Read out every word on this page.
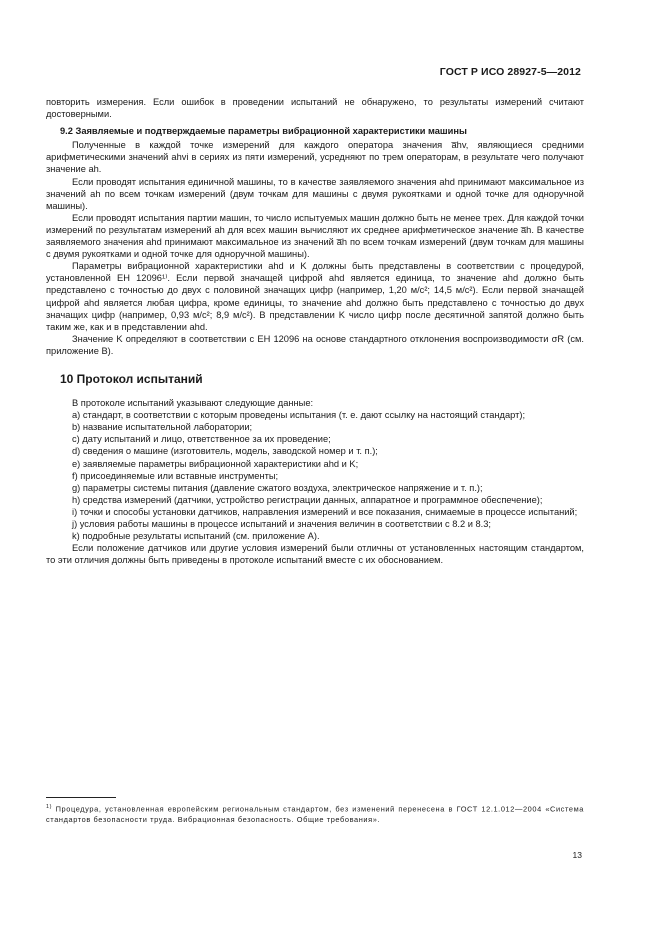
ГОСТ Р ИСО 28927-5—2012

повторить измерения. Если ошибок в проведении испытаний не обнаружено, то результаты измерений считают достоверными.

9.2 Заявляемые и подтверждаемые параметры вибрационной характеристики машины

Полученные в каждой точке измерений для каждого оператора значения a̅hv, являющиеся средними арифметическими значений ahvi в сериях из пяти измерений, усредняют по трем операторам, в результате чего получают значение ah.

Если проводят испытания единичной машины, то в качестве заявляемого значения ahd принимают максимальное из значений ah по всем точкам измерений (двум точкам для машины с двумя рукоятками и одной точке для одноручной машины).

Если проводят испытания партии машин, то число испытуемых машин должно быть не менее трех. Для каждой точки измерений по результатам измерений ah для всех машин вычисляют их среднее арифметическое значение a̅h. В качестве заявляемого значения ahd принимают максимальное из значений a̅h по всем точкам измерений (двум точкам для машины с двумя рукоятками и одной точке для одноручной машины).

Параметры вибрационной характеристики ahd и K должны быть представлены в соответствии с процедурой, установленной ЕН 12096¹⁾. Если первой значащей цифрой ahd является единица, то значение ahd должно быть представлено с точностью до двух с половиной значащих цифр (например, 1,20 м/с²; 14,5 м/с²). Если первой значащей цифрой ahd является любая цифра, кроме единицы, то значение ahd должно быть представлено с точностью до двух значащих цифр (например, 0,93 м/с²; 8,9 м/с²). В представлении K число цифр после десятичной запятой должно быть таким же, как и в представлении ahd.

Значение K определяют в соответствии с ЕН 12096 на основе стандартного отклонения воспроизводимости σR (см. приложение В).

10 Протокол испытаний

В протоколе испытаний указывают следующие данные:

a) стандарт, в соответствии с которым проведены испытания (т. е. дают ссылку на настоящий стандарт);

b) название испытательной лаборатории;

c) дату испытаний и лицо, ответственное за их проведение;

d) сведения о машине (изготовитель, модель, заводской номер и т. п.);

e) заявляемые параметры вибрационной характеристики ahd и K;

f) присоединяемые или вставные инструменты;

g) параметры системы питания (давление сжатого воздуха, электрическое напряжение и т. п.);

h) средства измерений (датчики, устройство регистрации данных, аппаратное и программное обеспечение);

i) точки и способы установки датчиков, направления измерений и все показания, снимаемые в процессе испытаний;

j) условия работы машины в процессе испытаний и значения величин в соответствии с 8.2 и 8.3;

k) подробные результаты испытаний (см. приложение А).

Если положение датчиков или другие условия измерений были отличны от установленных настоящим стандартом, то эти отличия должны быть приведены в протоколе испытаний вместе с их обоснованием.

$^{1)}$ Процедура, установленная европейским региональным стандартом, без изменений перенесена в ГОСТ 12.1.012—2004 «Система стандартов безопасности труда. Вибрационная безопасность. Общие требования».
13
